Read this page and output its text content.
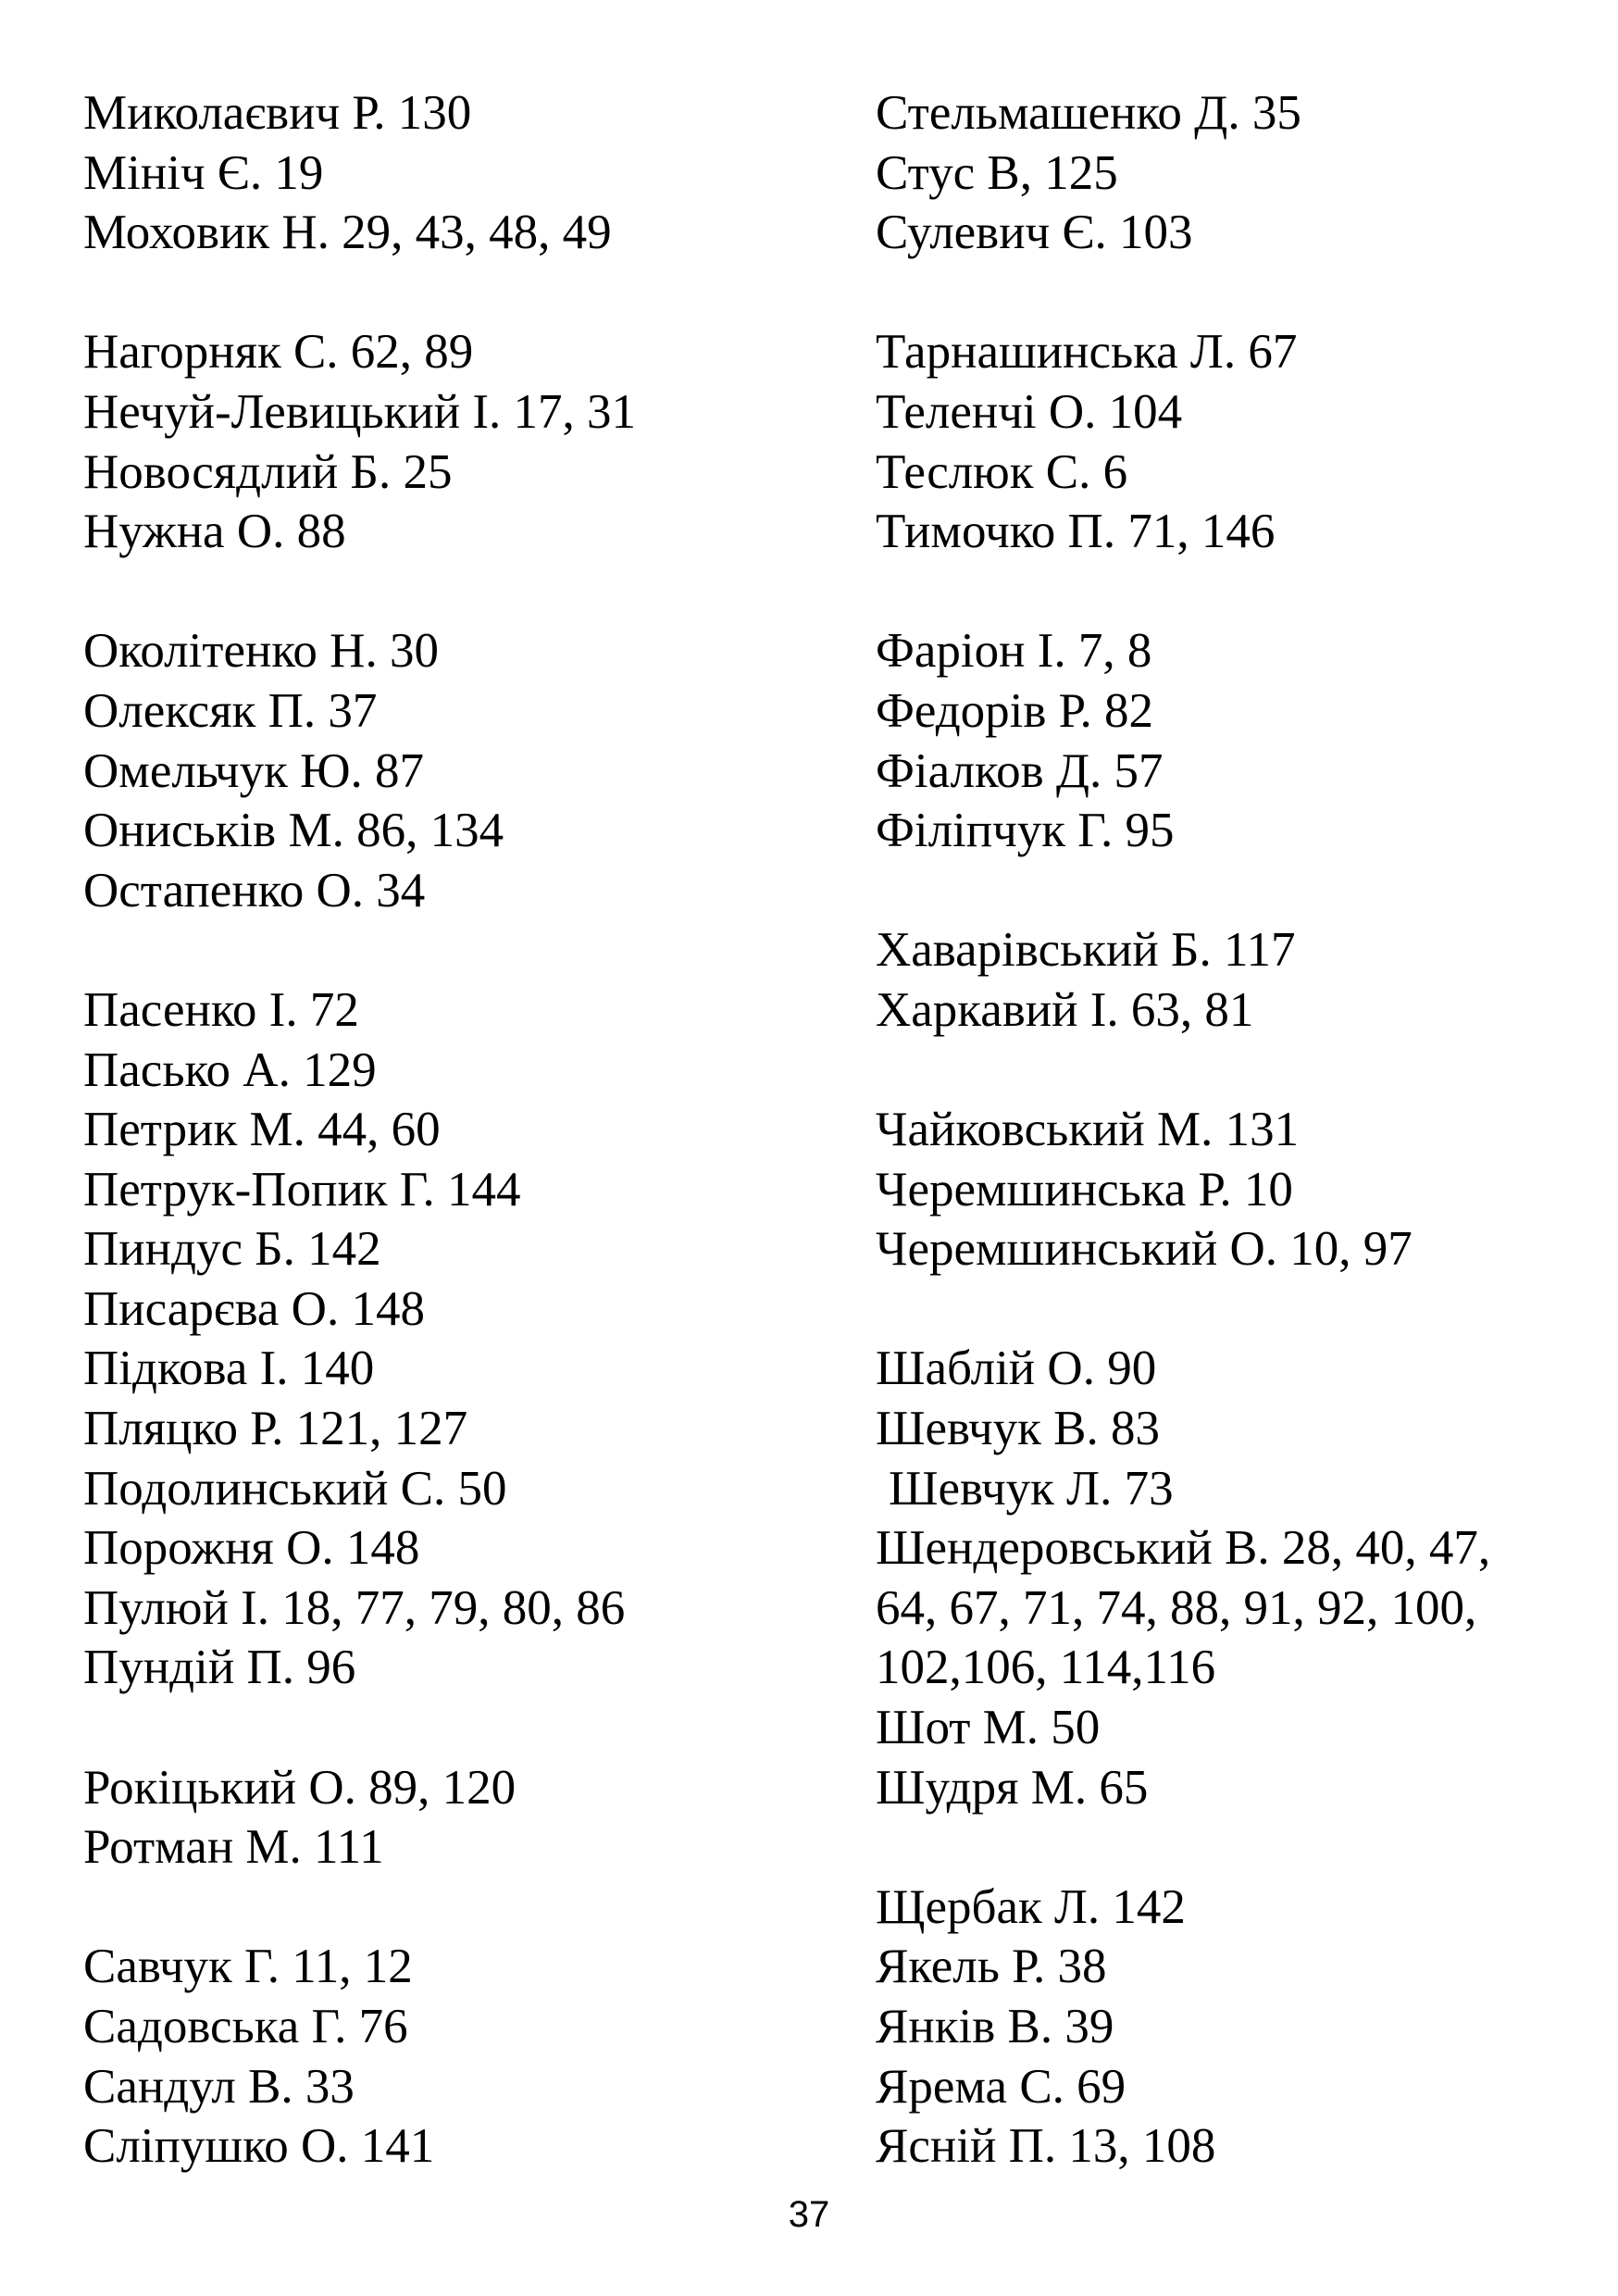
Миколаєвич Р. 130
Мініч Є. 19
Моховик Н. 29, 43, 48, 49
Нагорняк С. 62, 89
Нечуй-Левицький І. 17, 31
Новосядлий Б. 25
Нужна О. 88
Околітенко Н. 30
Олексяк П. 37
Омельчук Ю. 87
Ониськів М. 86, 134
Остапенко О. 34
Пасенко І. 72
Пасько А. 129
Петрик М. 44, 60
Петрук-Попик Г. 144
Пиндус Б. 142
Писарєва О. 148
Підкова І. 140
Пляцко Р. 121, 127
Подолинський С. 50
Порожня О. 148
Пулюй І. 18, 77, 79, 80, 86
Пундій П. 96
Рокіцький О. 89, 120
Ротман М. 111
Савчук Г. 11, 12
Садовська Г. 76
Сандул В. 33
Сліпушко О. 141
Стельмашенко Д. 35
Стус В, 125
Сулевич Є. 103
Тарнашинська Л. 67
Теленчі О. 104
Теслюк С. 6
Тимочко П. 71, 146
Фаріон І. 7, 8
Федорів Р. 82
Фіалков Д. 57
Філіпчук Г. 95
Хаварівський Б. 117
Харкавий І. 63, 81
Чайковський М. 131
Черемшинська Р. 10
Черемшинський О. 10, 97
Шаблій О. 90
Шевчук В. 83
Шевчук Л. 73
Шендеровський В. 28, 40, 47,
64, 67, 71, 74, 88, 91, 92, 100,
102,106, 114,116
Шот М. 50
Шудря М. 65
Щербак Л. 142
Якель Р. 38
Янків В. 39
Ярема С. 69
Ясній П. 13, 108
37
